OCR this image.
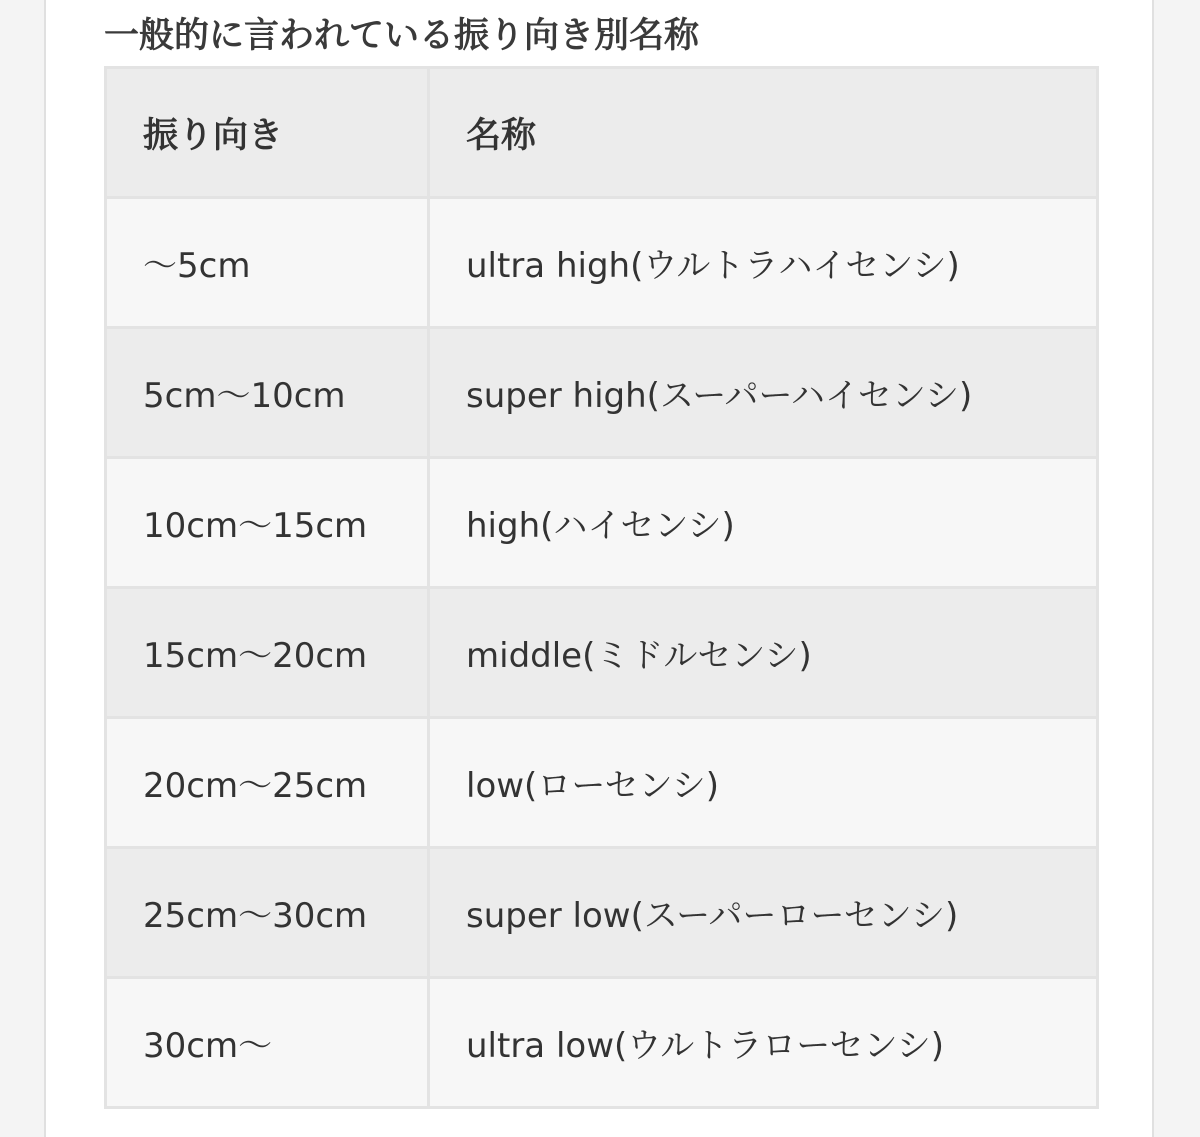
一般的に言われている振り向き別名称
振り向き	名称
〜5cm	ultra high(ウルトラハイセンシ)
5cm〜10cm	super high(スーパーハイセンシ)
10cm〜15cm	high(ハイセンシ)
15cm〜20cm	middle(ミドルセンシ)
20cm〜25cm	low(ローセンシ)
25cm〜30cm	super low(スーパーローセンシ)
30cm〜	ultra low(ウルトラローセンシ)
